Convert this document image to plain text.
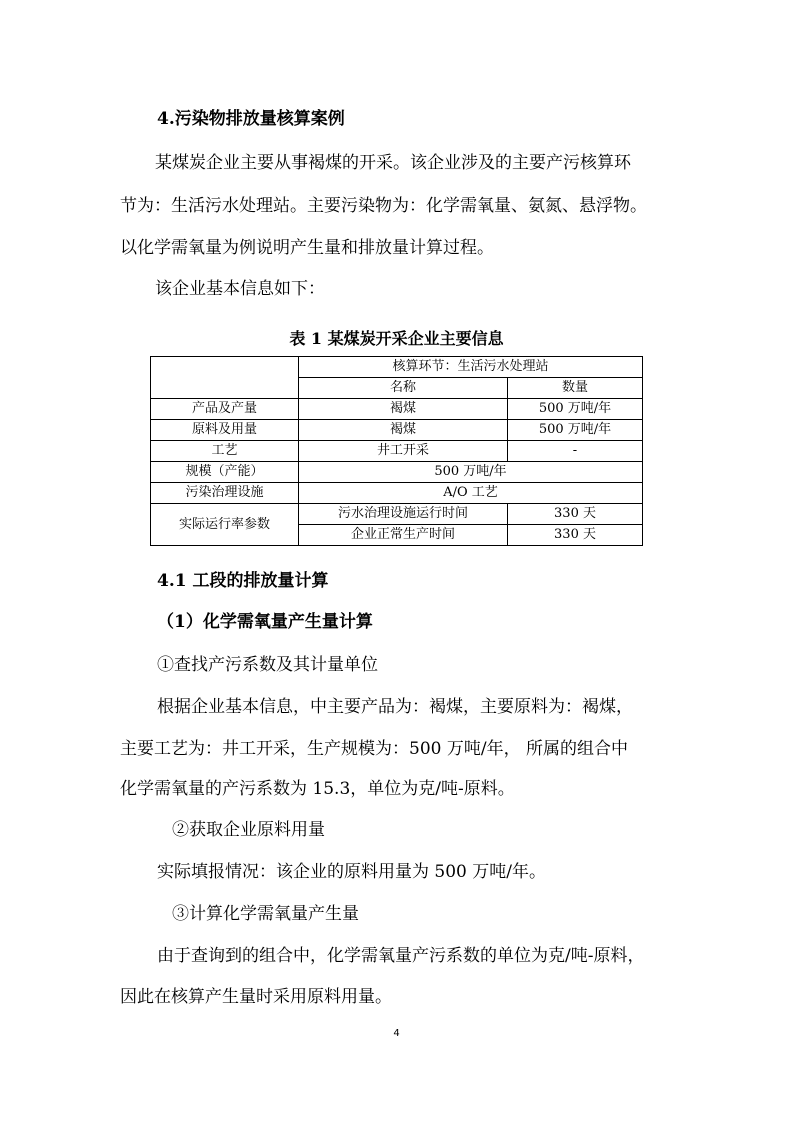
4.污染物排放量核算案例
某煤炭企业主要从事褐煤的开采。该企业涉及的主要产污核算环
节为：生活污水处理站。主要污染物为：化学需氧量、氨氮、悬浮物。
以化学需氧量为例说明产生量和排放量计算过程。
该企业基本信息如下：
表 1 某煤炭开采企业主要信息
	核算环节：生活污水处理站	
	名称	数量
产品及产量	褐煤	500 万吨/年
原料及用量	褐煤	500 万吨/年
工艺	井工开采	-
规模（产能）	500 万吨/年	
污染治理设施	A/O 工艺	
实际运行率参数	污水治理设施运行时间	330 天
	企业正常生产时间	330 天
4.1 工段的排放量计算
（1）化学需氧量产生量计算
①查找产污系数及其计量单位
根据企业基本信息，中主要产品为：褐煤，主要原料为：褐煤，
主要工艺为：井工开采，生产规模为：500 万吨/年， 所属的组合中
化学需氧量的产污系数为 15.3，单位为克/吨-原料。
②获取企业原料用量
实际填报情况：该企业的原料用量为 500 万吨/年。
③计算化学需氧量产生量
由于查询到的组合中，化学需氧量产污系数的单位为克/吨-原料，
因此在核算产生量时采用原料用量。
4
